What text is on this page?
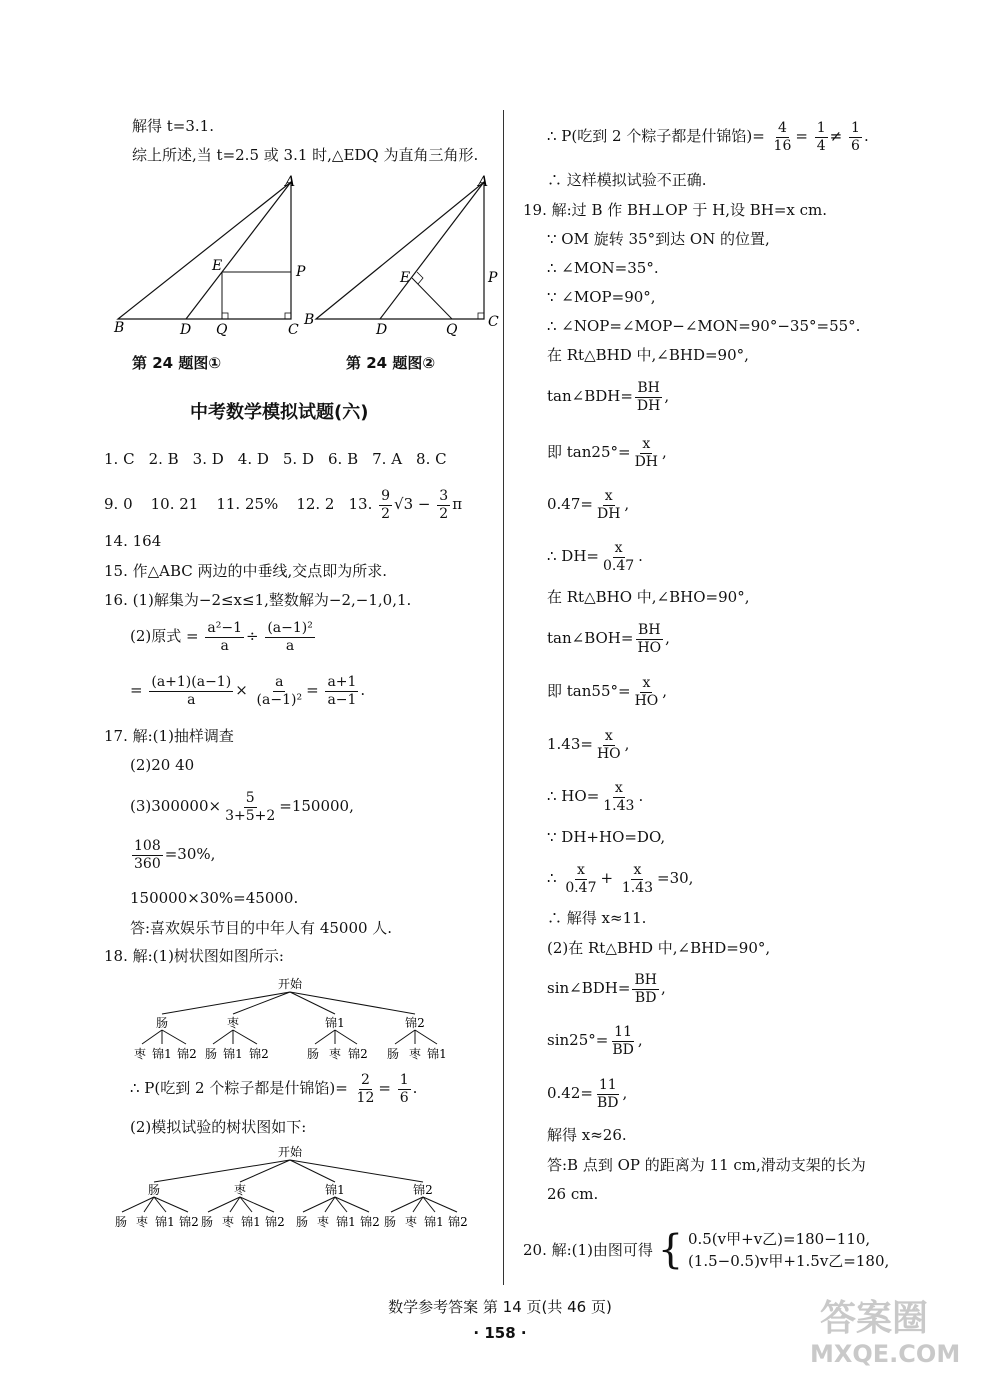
解得 t=3.1.
综上所述,当 t=2.5 或 3.1 时,△EDQ 为直角三角形.
A
B	C
D
E	P
Q
第 24 题图①
A
B	C
D
E	P
Q
第 24 题图②
中考数学模拟试题(六)
1. C 2. B 3. D 4. D 5. D 6. B 7. A 8. C
9. 0 10. 21 11. 25% 12. 2 13. $\frac{9}{2} √3 - \frac{3}{2}$ π
14. 164
15. 作△ABC 两边的中垂线,交点即为所求.
16. (1)解集为−2≤x≤1,整数解为−2,−1,0,1.
(2)原式 = $\frac{\text{a²−1}}{a} \div \frac{\text{(a−1)²}}{a}$
= $\frac{(a+1)(a-1)}{a} \times \frac{a}{\text{(a−1)²}} = \frac{a+1}{a-1}$ .
17. 解:(1)抽样调查
(2)20 40
$(3)300000\times \frac{5}{3+5+2} =150000$,
$\frac{108}{360} =30\%$,
150000×30%=45000.
答:喜欢娱乐节目的中年人有 45000 人.
18. 解:(1)树状图如图所示:
开始
肠	枣	锦1	锦2
枣 锦1 锦2 肠 锦1 锦2	肠 枣 锦2 肠 枣 锦1
∴ P(吃到 2 个粽子都是什锦馅)= $\frac{2}{12} = \frac{1}{6}$ .
(2)模拟试验的树状图如下:
开始
肠	枣	锦1	锦2
肠 枣 锦1 锦2 肠 枣 锦1 锦2 肠 枣 锦1 锦2 肠 枣 锦1 锦2
∴ P(吃到 2 个粽子都是什锦馅)= $\frac{4}{16} = \frac{1}{4} \ne \frac{1}{6}$ .
∴ 这样模拟试验不正确.
19. 解:过 B 作 BH⊥OP 于 H,设 BH=x cm.
∵ OM 旋转 35°到达 ON 的位置,
∴ ∠MON=35°.
∵ ∠MOP=90°,
∴ ∠NOP=∠MOP−∠MON=90°−35°=55°.
在 Rt△BHD 中,∠BHD=90°,
tan∠BDH= $\frac{BH}{DH}$ ,
即 $\tan 25^\circ= \frac{x}{DH}$ ,
$0.47= \frac{x}{DH}$ ,
∴ $DH= \frac{x}{0.47}$ .
在 Rt△BHO 中,∠BHO=90°,
tan∠BOH= $\frac{BH}{HO}$ ,
即 $\tan 55^\circ= \frac{x}{HO}$ ,
$1.43= \frac{x}{HO}$ ,
∴ $HO= \frac{x}{1.43}$ .
∵ DH+HO=DO,
∴ $\frac{x}{0.47} + \frac{x}{1.43} =30$,
∴ 解得 x≈11.
(2)在 Rt△BHD 中,∠BHD=90°,
sin∠BDH= $\frac{BH}{BD}$ ,
$\sin 25^\circ= \frac{11}{BD}$ ,
$0.42= \frac{11}{BD}$ ,
解得 x≈26.
答:B 点到 OP 的距离为 11 cm,滑动支架的长为
26 cm.
20. 解:(1)由图可得 { 0.5(v甲+v乙)=180−110,
(1.5−0.5)v甲+1.5v乙=180,
数学参考答案 第 14 页(共 46 页)
· 158 ·	答案圈
MXQE.COM
